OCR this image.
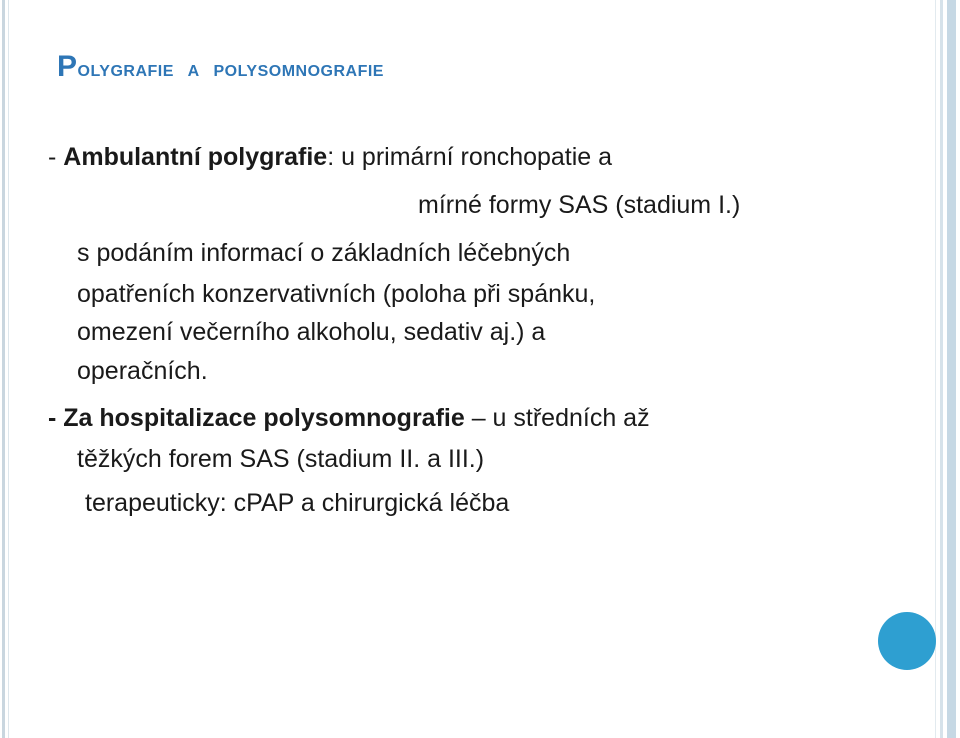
Polygrafie  a  polysomnografie

- Ambulantní polygrafie: u primární ronchopatie a

mírné formy SAS (stadium I.)

s podáním informací o základních léčebných

opatřeních konzervativních (poloha při spánku,

omezení večerního alkoholu, sedativ aj.) a

operačních.

- Za hospitalizace polysomnografie – u středních až

těžkých forem SAS (stadium II. a III.)

terapeuticky: cPAP a chirurgická léčba
